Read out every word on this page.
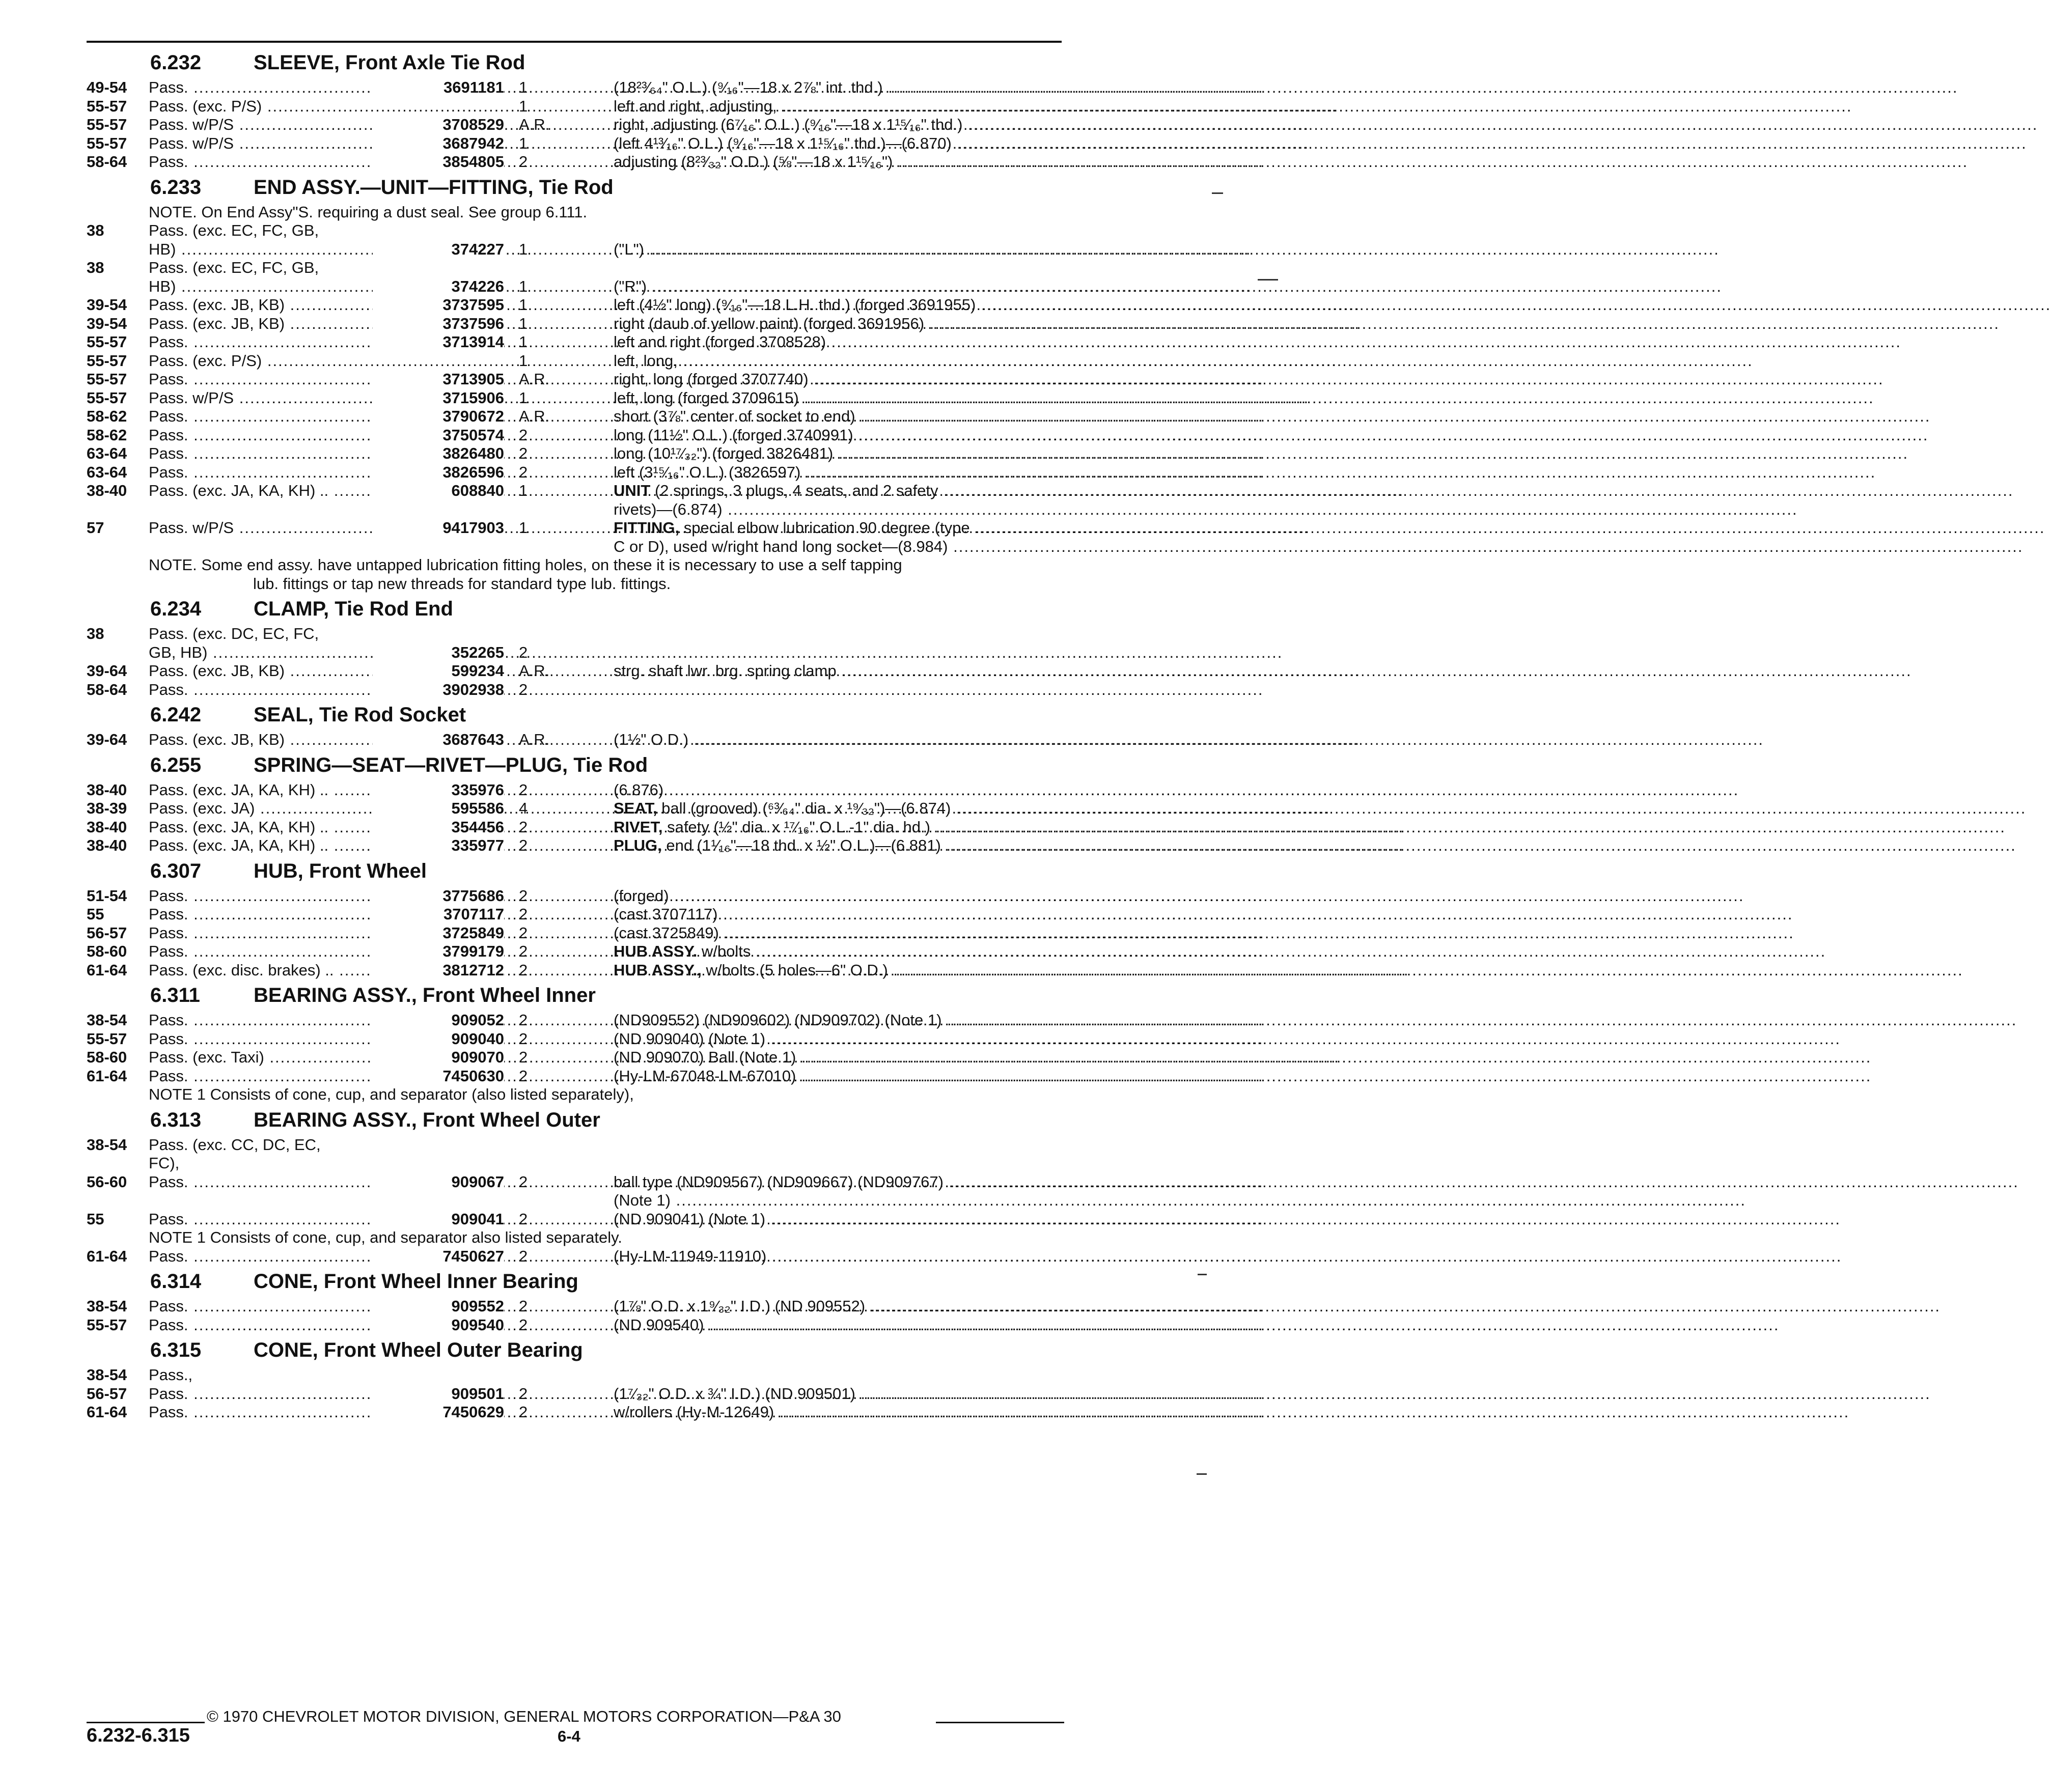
6.232	SLEEVE, Front Axle Tie Rod
49-54 Pass. .....	3691181 1	(18²³⁄₆₄" O.L.) (⁹⁄₁₆"—18 x 2⅞" int. thd.) .....
55-57 Pass. (exc. P/S) .....	1	left and right, adjusting, .....
55-57 Pass. w/P/S .....	3708529 A.R.	right, adjusting (6⁷⁄₁₆" O.L.) (⁹⁄₁₆"—18 x 1¹⁵⁄₁₆" thd.) .....
55-57 Pass. w/P/S .....	3687942 1	(left 4¹³⁄₁₆" O.L.) (⁹⁄₁₆"—18 x 1¹⁵⁄₁₆" thd.)—(6.870) .....
58-64 Pass. .....	3854805 2	adjusting (8²³⁄₃₂" O.D.) (⅝"—18 x 1¹⁵⁄₁₆") .....
6.233	END ASSY.—UNIT—FITTING, Tie Rod
NOTE. On End Assy"S. requiring a dust seal. See group 6.111.
38	Pass. (exc. EC, FC, GB,
HB) .....	374227 1	("L") .....
38	Pass. (exc. EC, FC, GB,
HB) .....	374226 1	("R") .....
39-54 Pass. (exc. JB, KB) .....	3737595 1	left (4½" long) (⁹⁄₁₆"—18 L.H. thd.) (forged 3691955) .....
39-54 Pass. (exc. JB, KB) .....	3737596 1	right (daub of yellow paint) (forged 3691956) .....
55-57 Pass. .....	3713914 1	left and right (forged 3708528) .....
55-57 Pass. (exc. P/S) .....	1	left, long, .....
55-57 Pass. .....	3713905 A.R.	right, long (forged 3707740) .....
55-57 Pass. w/P/S .....	3715906 1	left, long (forged 3709615) .....
58-62 Pass. .....	3790672 A.R.	short (3⅞" center of socket to end) .....
58-62 Pass. .....	3750574 2	long (11½" O.L.) (forged 3740991) .....
63-64 Pass. .....	3826480 2	long (10¹⁷⁄₃₂") (forged 3826481) .....
63-64 Pass. .....	3826596 2	left (3¹⁵⁄₁₆" O.L.) (3826597) .....
38-40 Pass. (exc. JA, KA, KH) .. .....	608840 1	UNIT (2 springs, 3 plugs, 4 seats, and 2 safety .....
rivets)—(6.874) .....
57	Pass. w/P/S .....	9417903 1	FITTING, special elbow lubrication 90 degree (type .....
C or D), used w/right hand long socket—(8.984) .....
NOTE. Some end assy. have untapped lubrication fitting holes, on these it is necessary to use a self tapping
lub. fittings or tap new threads for standard type lub. fittings.
6.234	CLAMP, Tie Rod End
38	Pass. (exc. DC, EC, FC,
GB, HB) .....	352265 2
39-64 Pass. (exc. JB, KB) .....	599234 A.R.	strg. shaft lwr. brg. spring clamp .....
58-64 Pass. .....	3902938 2
6.242	SEAL, Tie Rod Socket
39-64 Pass. (exc. JB, KB) .....	3687643 A.R.	(1½" O.D.) .....
6.255	SPRING—SEAT—RIVET—PLUG, Tie Rod
38-40 Pass. (exc. JA, KA, KH) .. .....	335976 2	(6.876) .....
38-39 Pass. (exc. JA) .....	595586 4	SEAT, ball (grooved) (⁶³⁄₆₄" dia. x ¹⁹⁄₃₂")—(6.874) .....
38-40 Pass. (exc. JA, KA, KH) .. .....	354456 2	RIVET, safety (½" dia. x ¹⁷⁄₁₆" O.L.-1" dia. hd.) .....
38-40 Pass. (exc. JA, KA, KH) .. .....	335977 2	PLUG, end (1¹⁄₁₆"—18 thd. x ½" O.L.)—(6.881) .....
6.307	HUB, Front Wheel
51-54 Pass. .....	3775686 2	(forged) .....
55	Pass. .....	3707117 2	(cast 3707117) .....
56-57 Pass. .....	3725849 2	(cast 3725849) .....
58-60 Pass. .....	3799179 2	HUB ASSY. w/bolts .....
61-64 Pass. (exc. disc. brakes) .. .....	3812712 2	HUB ASSY., w/bolts (5 holes—6" O.D.) .....
6.311	BEARING ASSY., Front Wheel Inner
38-54 Pass. .....	909052 2	(ND909552) (ND909602) (ND909702) (Note 1) .....
55-57 Pass. .....	909040 2	(ND 909040) (Note 1) .....
58-60 Pass. (exc. Taxi) .....	909070 2	(ND 909070) Ball (Note 1) .....
61-64 Pass. .....	7450630 2	(Hy-LM-67048-LM-67010) .....
NOTE 1 Consists of cone, cup, and separator (also listed separately),
6.313	BEARING ASSY., Front Wheel Outer
38-54 Pass. (exc. CC, DC, EC,
FC),
56-60 Pass. .....	909067 2	ball type (ND909567) (ND909667) (ND909767) .....
(Note 1) .....
55	Pass. .....	909041 2	(ND 909041) (Note 1) .....
NOTE 1 Consists of cone, cup, and separator also listed separately.
61-64 Pass. .....	7450627 2	(Hy-LM-11949-11910) .....
6.314	CONE, Front Wheel Inner Bearing
38-54 Pass. .....	909552 2	(1⅞" O.D. x 1⁹⁄₃₂" I.D.) (ND 909552) .....
55-57 Pass. .....	909540 2	(ND 909540) .....
6.315	CONE, Front Wheel Outer Bearing
38-54 Pass.,
56-57 Pass. .....	909501 2	(1⁷⁄₃₂" O.D. x ¾" I.D.) (ND 909501) .....
61-64 Pass. .....	7450629 2	w/rollers (Hy-M-12649) .....
© 1970 CHEVROLET MOTOR DIVISION, GENERAL MOTORS CORPORATION—P&A 30
6.232-6.315	6-4
